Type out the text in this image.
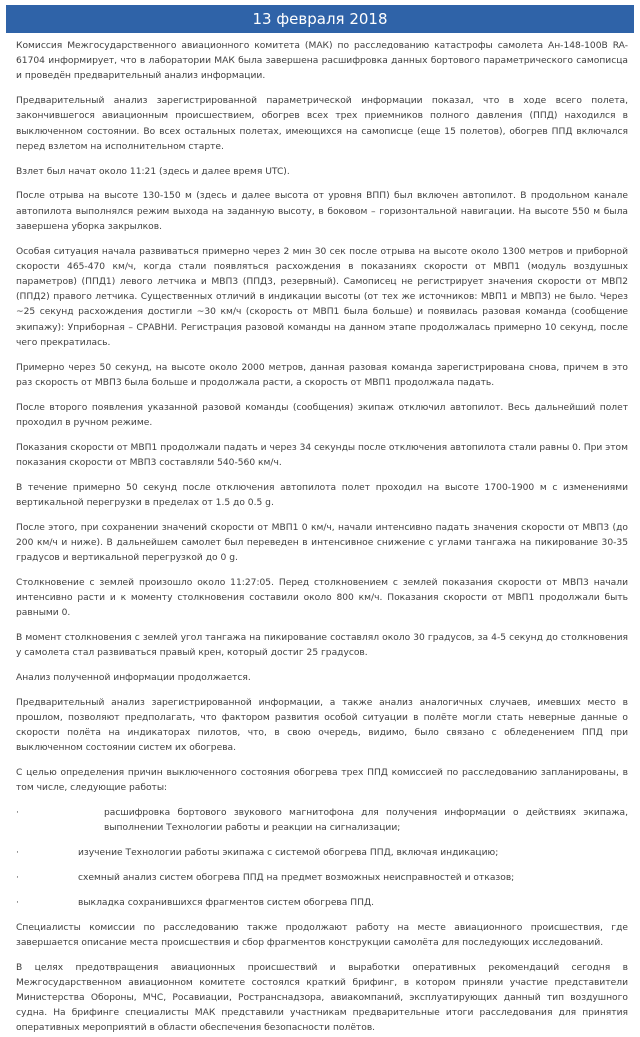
13 февраля 2018

Комиссия Межгосударственного авиационного комитета (МАК) по расследованию катастрофы самолета Ан-148-100В RA-61704 информирует, что в лаборатории МАК была завершена расшифровка данных бортового параметрического самописца и проведён предварительный анализ информации.

Предварительный анализ зарегистрированной параметрической информации показал, что в ходе всего полета, закончившегося авиационным происшествием, обогрев всех трех приемников полного давления (ППД) находился в выключенном состоянии. Во всех остальных полетах, имеющихся на самописце (еще 15 полетов), обогрев ППД включался перед взлетом на исполнительном старте.

Взлет был начат около 11:21 (здесь и далее время UTC).

После отрыва на высоте 130-150 м (здесь и далее высота от уровня ВПП) был включен автопилот. В продольном канале автопилота выполнялся режим выхода на заданную высоту, в боковом – горизонтальной навигации. На высоте 550 м была завершена уборка закрылков.

Особая ситуация начала развиваться примерно через 2 мин 30 сек после отрыва на высоте около 1300 метров и приборной скорости 465-470 км/ч, когда стали появляться расхождения в показаниях скорости от МВП1 (модуль воздушных параметров) (ППД1) левого летчика и МВП3 (ППД3, резервный). Самописец не регистрирует значения скорости от МВП2 (ППД2) правого летчика. Существенных отличий в индикации высоты (от тех же источников: МВП1 и МВП3) не было. Через ~25 секунд расхождения достигли ~30 км/ч (скорость от МВП1 была больше) и появилась разовая команда (сообщение экипажу): Уприборная – СРАВНИ. Регистрация разовой команды на данном этапе продолжалась примерно 10 секунд, после чего прекратилась.

Примерно через 50 секунд, на высоте около 2000 метров, данная разовая команда зарегистрирована снова, причем в это раз скорость от МВП3 была больше и продолжала расти, а скорость от МВП1 продолжала падать.

После второго появления указанной разовой команды (сообщения) экипаж отключил автопилот. Весь дальнейший полет проходил в ручном режиме.

Показания скорости от МВП1 продолжали падать и через 34 секунды после отключения автопилота стали равны 0. При этом показания скорости от МВП3 составляли 540-560 км/ч.

В течение примерно 50 секунд после отключения автопилота полет проходил на высоте 1700-1900 м с изменениями вертикальной перегрузки в пределах от 1.5 до 0.5 g.

После этого, при сохранении значений скорости от МВП1 0 км/ч, начали интенсивно падать значения скорости от МВП3 (до 200 км/ч и ниже). В дальнейшем самолет был переведен в интенсивное снижение с углами тангажа на пикирование 30-35 градусов и вертикальной перегрузкой до 0 g.

Столкновение с землей произошло около 11:27:05. Перед столкновением с землей показания скорости от МВП3 начали интенсивно расти и к моменту столкновения составили около 800 км/ч. Показания скорости от МВП1 продолжали быть равными 0.

В момент столкновения с землей угол тангажа на пикирование составлял около 30 градусов, за 4-5 секунд до столкновения у самолета стал развиваться правый крен, который достиг 25 градусов.

Анализ полученной информации продолжается.

Предварительный анализ зарегистрированной информации, а также анализ аналогичных случаев, имевших место в прошлом, позволяют предполагать, что фактором развития особой ситуации в полёте могли стать неверные данные о скорости полёта на индикаторах пилотов, что, в свою очередь, видимо, было связано с обледенением ППД при выключенном состоянии систем их обогрева.

С целью определения причин выключенного состояния обогрева трех ППД комиссией по расследованию запланированы, в том числе, следующие работы:

·	расшифровка бортового звукового магнитофона для получения информации о действиях экипажа, выполнении Технологии работы и реакции на сигнализации;

·	изучение Технологии работы экипажа с системой обогрева ППД, включая индикацию;

·	схемный анализ систем обогрева ППД на предмет возможных неисправностей и отказов;

·	выкладка сохранившихся фрагментов систем обогрева ППД.

Специалисты комиссии по расследованию также продолжают работу на месте авиационного происшествия, где завершается описание места происшествия и сбор фрагментов конструкции самолёта для последующих исследований.

В целях предотвращения авиационных происшествий и выработки оперативных рекомендаций сегодня в Межгосударственном авиационном комитете состоялся краткий брифинг, в котором приняли участие представители Министерства Обороны, МЧС, Росавиации, Ространснадзора, авиакомпаний, эксплуатирующих данный тип воздушного судна. На брифинге специалисты МАК представили участникам предварительные итоги расследования для принятия оперативных мероприятий в области обеспечения безопасности полётов.
